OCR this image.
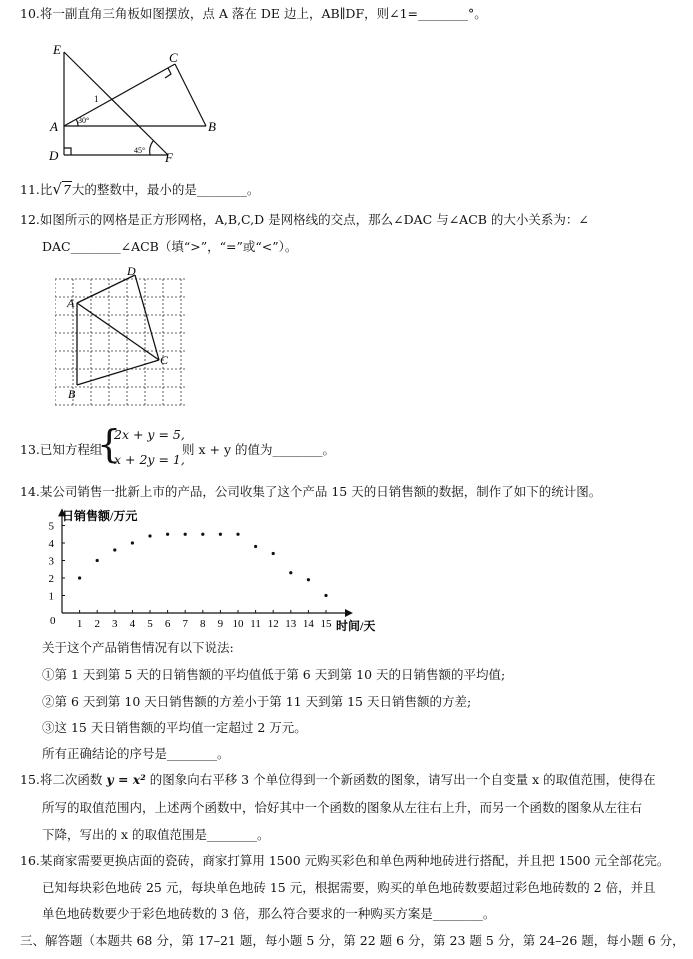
10.将一副直角三角板如图摆放，点 A 落在 DE 边上，AB∥DF，则∠1=________°。
E
C
A	B
D	F
1
30°
45°
11.比√7大的整数中，最小的是________。
12.如图所示的网格是正方形网格，A,B,C,D 是网格线的交点，那么∠DAC 与∠ACB 的大小关系为：∠
DAC________∠ACB（填“>”，“=”或“<”）。
A
B
C
D
13.已知方程组
{
2x + y = 5,
x + 2y = 1,
则 x + y 的值为________。
14.某公司销售一批新上市的产品，公司收集了这个产品 15 天的日销售额的数据，制作了如下的统计图。
1 2 3 4 5 6 7 8 9 10 11 12 13 14 15
1
2
3
4
5
日销售额/万元
时间/天
0
关于这个产品销售情况有以下说法:
①第 1 天到第 5 天的日销售额的平均值低于第 6 天到第 10 天的日销售额的平均值;
②第 6 天到第 10 天日销售额的方差小于第 11 天到第 15 天日销售额的方差;
③这 15 天日销售额的平均值一定超过 2 万元。
所有正确结论的序号是________。
15.将二次函数 y = x² 的图象向右平移 3 个单位得到一个新函数的图象，请写出一个自变量 x 的取值范围，使得在
所写的取值范围内，上述两个函数中，恰好其中一个函数的图象从左往右上升，而另一个函数的图象从左往右
下降，写出的 x 的取值范围是________。
16.某商家需要更换店面的瓷砖，商家打算用 1500 元购买彩色和单色两种地砖进行搭配，并且把 1500 元全部花完。
已知每块彩色地砖 25 元，每块单色地砖 15 元，根据需要，购买的单色地砖数要超过彩色地砖数的 2 倍，并且
单色地砖数要少于彩色地砖数的 3 倍，那么符合要求的一种购买方案是________。
三、解答题（本题共 68 分，第 17–21 题，每小题 5 分，第 22 题 6 分，第 23 题 5 分，第 24–26 题，每小题 6 分，
